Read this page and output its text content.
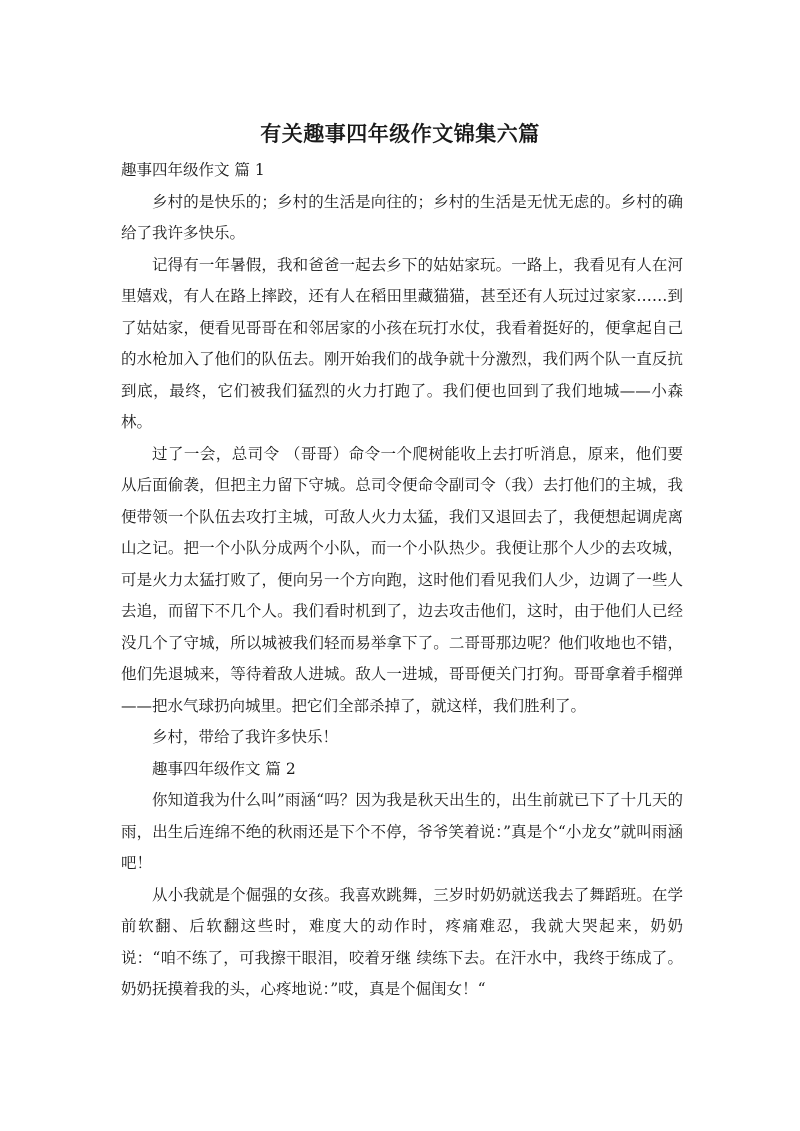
有关趣事四年级作文锦集六篇

趣事四年级作文 篇 1

乡村的是快乐的；乡村的生活是向往的；乡村的生活是无忧无虑的。乡村的确给了我许多快乐。

记得有一年暑假，我和爸爸一起去乡下的姑姑家玩。一路上，我看见有人在河里嬉戏，有人在路上摔跤，还有人在稻田里藏猫猫，甚至还有人玩过过家家……到了姑姑家，便看见哥哥在和邻居家的小孩在玩打水仗，我看着挺好的，便拿起自己的水枪加入了他们的队伍去。刚开始我们的战争就十分激烈，我们两个队一直反抗到底，最终，它们被我们猛烈的火力打跑了。我们便也回到了我们地城——小森林。

过了一会，总司令 （哥哥）命令一个爬树能收上去打听消息，原来，他们要从后面偷袭，但把主力留下守城。总司令便命令副司令（我）去打他们的主城，我便带领一个队伍去攻打主城，可敌人火力太猛，我们又退回去了，我便想起调虎离山之记。把一个小队分成两个小队，而一个小队热少。我便让那个人少的去攻城，可是火力太猛打败了，便向另一个方向跑，这时他们看见我们人少，边调了一些人去追，而留下不几个人。我们看时机到了，边去攻击他们，这时，由于他们人已经没几个了守城，所以城被我们轻而易举拿下了。二哥哥那边呢？他们收地也不错，他们先退城来，等待着敌人进城。敌人一进城，哥哥便关门打狗。哥哥拿着手榴弹——把水气球扔向城里。把它们全部杀掉了，就这样，我们胜利了。

乡村，带给了我许多快乐！

趣事四年级作文 篇 2

你知道我为什么叫”雨涵“吗？因为我是秋天出生的，出生前就已下了十几天的雨，出生后连绵不绝的秋雨还是下个不停，爷爷笑着说：”真是个“小龙女”就叫雨涵吧！

从小我就是个倔强的女孩。我喜欢跳舞，三岁时奶奶就送我去了舞蹈班。在学前软翻、后软翻这些时，难度大的动作时，疼痛难忍，我就大哭起来，奶奶说：“咱不练了，可我擦干眼泪，咬着牙继 续练下去。在汗水中，我终于练成了。奶奶抚摸着我的头，心疼地说：”哎，真是个倔闺女！“
